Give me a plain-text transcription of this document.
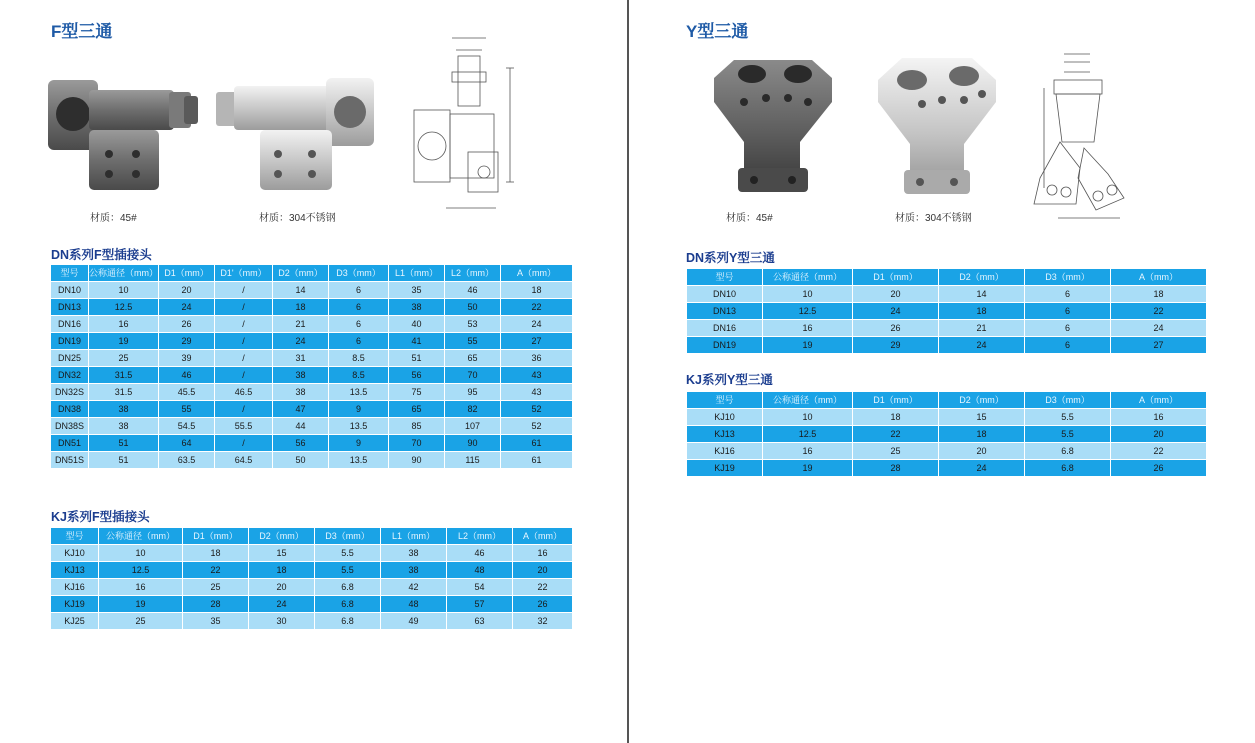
F型三通
材质：45#	材质：304不锈钢
DN系列F型插接头
型号	公称通径（mm）	D1（mm）	D1'（mm）	D2（mm）	D3（mm）	L1（mm）	L2（mm）	A（mm）
DN10	10	20	/	14	6	35	46	18
DN13	12.5	24	/	18	6	38	50	22
DN16	16	26	/	21	6	40	53	24
DN19	19	29	/	24	6	41	55	27
DN25	25	39	/	31	8.5	51	65	36
DN32	31.5	46	/	38	8.5	56	70	43
DN32S	31.5	45.5	46.5	38	13.5	75	95	43
DN38	38	55	/	47	9	65	82	52
DN38S	38	54.5	55.5	44	13.5	85	107	52
DN51	51	64	/	56	9	70	90	61
DN51S	51	63.5	64.5	50	13.5	90	115	61
KJ系列F型插接头
型号	公称通径（mm）	D1（mm）	D2（mm）	D3（mm）	L1（mm）	L2（mm）	A（mm）
KJ10	10	18	15	5.5	38	46	16
KJ13	12.5	22	18	5.5	38	48	20
KJ16	16	25	20	6.8	42	54	22
KJ19	19	28	24	6.8	48	57	26
KJ25	25	35	30	6.8	49	63	32
Y型三通
材质：45#	材质：304不锈钢
DN系列Y型三通
型号	公称通径（mm）	D1（mm）	D2（mm）	D3（mm）	A（mm）
DN10	10	20	14	6	18
DN13	12.5	24	18	6	22
DN16	16	26	21	6	24
DN19	19	29	24	6	27
KJ系列Y型三通
型号	公称通径（mm）	D1（mm）	D2（mm）	D3（mm）	A（mm）
KJ10	10	18	15	5.5	16
KJ13	12.5	22	18	5.5	20
KJ16	16	25	20	6.8	22
KJ19	19	28	24	6.8	26
